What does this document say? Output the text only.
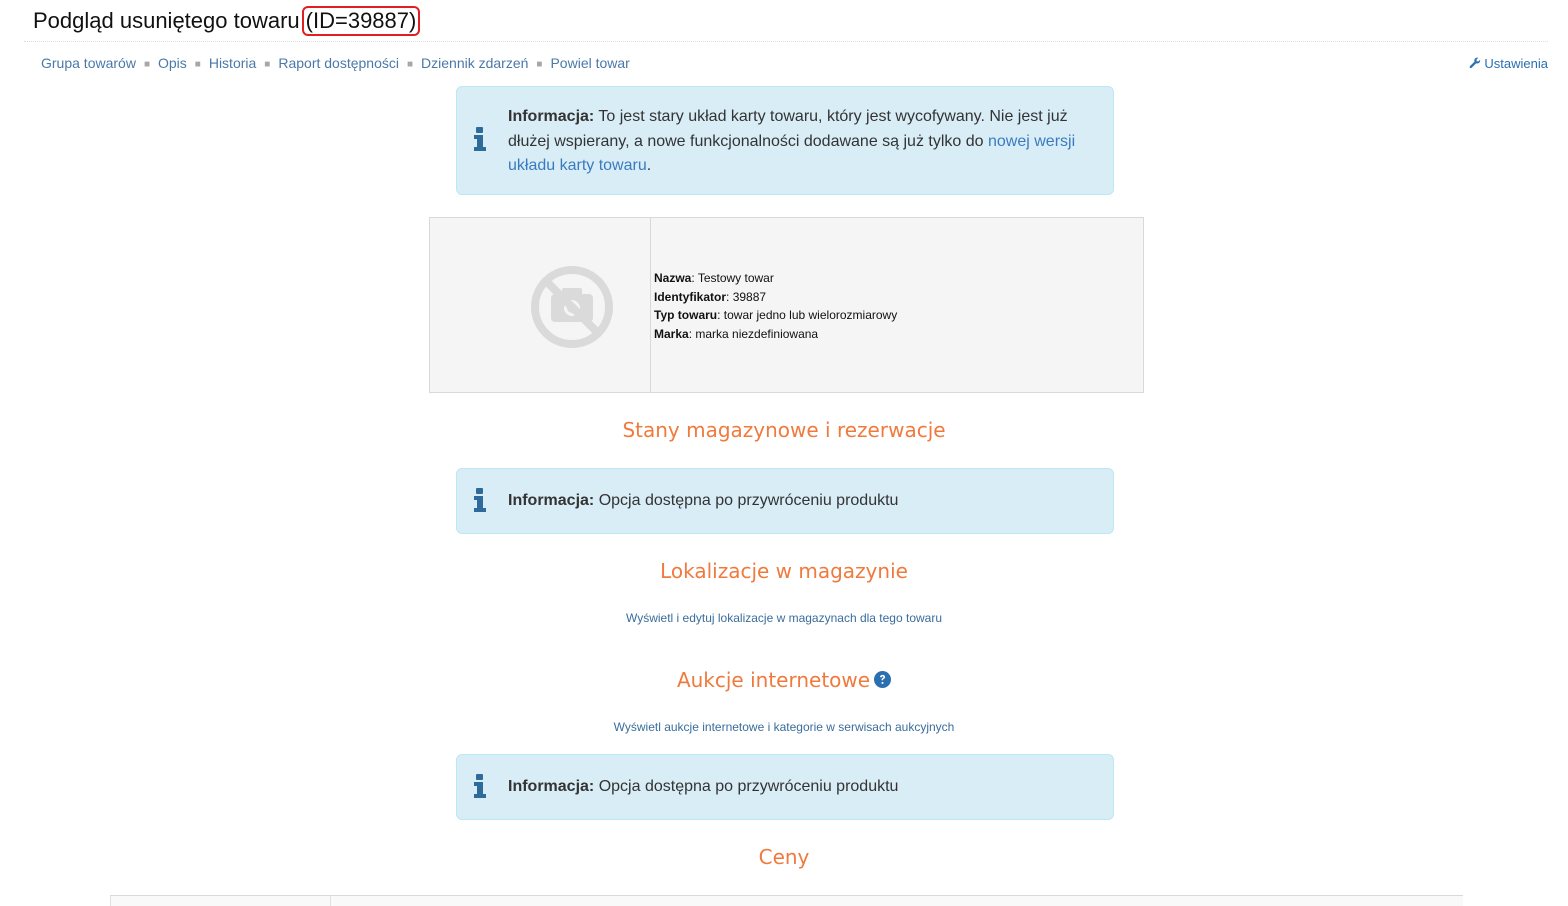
Podgląd usuniętego towaru (ID=39887)
Grupa towarów ■ Opis ■ Historia ■ Raport dostępności ■ Dziennik zdarzeń ■ Powiel towar	Ustawienia
Informacja: To jest stary układ karty towaru, który jest wycofywany. Nie jest już dłużej wspierany, a nowe funkcjonalności dodawane są już tylko do nowej wersji układu karty towaru.
Nazwa: Testowy towar
Identyfikator: 39887
Typ towaru: towar jedno lub wielorozmiarowy
Marka: marka niezdefiniowana
Stany magazynowe i rezerwacje
Informacja: Opcja dostępna po przywróceniu produktu
Lokalizacje w magazynie
Wyświetl i edytuj lokalizacje w magazynach dla tego towaru
Aukcje internetowe
Wyświetl aukcje internetowe i kategorie w serwisach aukcyjnych
Informacja: Opcja dostępna po przywróceniu produktu
Ceny
